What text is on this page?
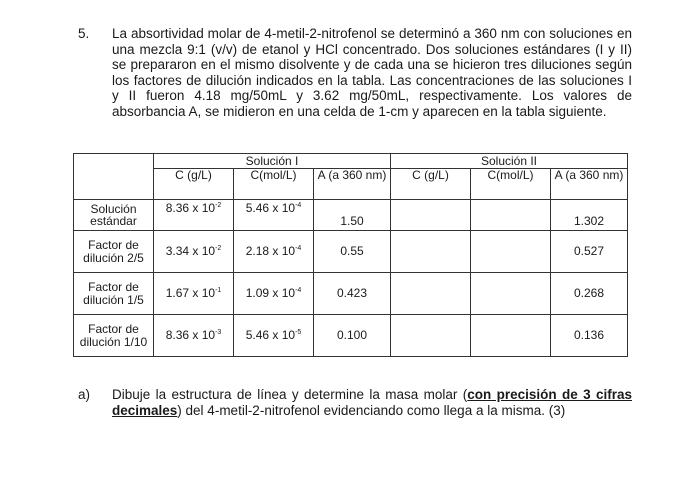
5. La absortividad molar de 4-metil-2-nitrofenol se determinó a 360 nm con soluciones en una mezcla 9:1 (v/v) de etanol y HCl concentrado. Dos soluciones estándares (I y II) se prepararon en el mismo disolvente y de cada una se hicieron tres diluciones según los factores de dilución indicados en la tabla. Las concentraciones de las soluciones I y II fueron 4.18 mg/50mL y 3.62 mg/50mL, respectivamente. Los valores de absorbancia A, se midieron en una celda de 1-cm y aparecen en la tabla siguiente.
	Solución I			Solución II		
	C (g/L)	C(mol/L)	A (a 360 nm)	C (g/L)	C(mol/L)	A (a 360 nm)
Solución estándar	8.36 x $10^{-2}$	5.46 x $10^{-4}$	1.50			1.302
Factor de dilución 2/5	3.34 x $10^{-2}$	2.18 x $10^{-4}$	0.55			0.527
Factor de dilución 1/5	1.67 x $10^{-1}$	1.09 x $10^{-4}$	0.423			0.268
Factor de dilución 1/10	8.36 x $10^{-3}$	5.46 x $10^{-5}$	0.100			0.136
a) Dibuje la estructura de línea y determine la masa molar (con precisión de 3 cifras decimales) del 4-metil-2-nitrofenol evidenciando como llega a la misma. (3)
